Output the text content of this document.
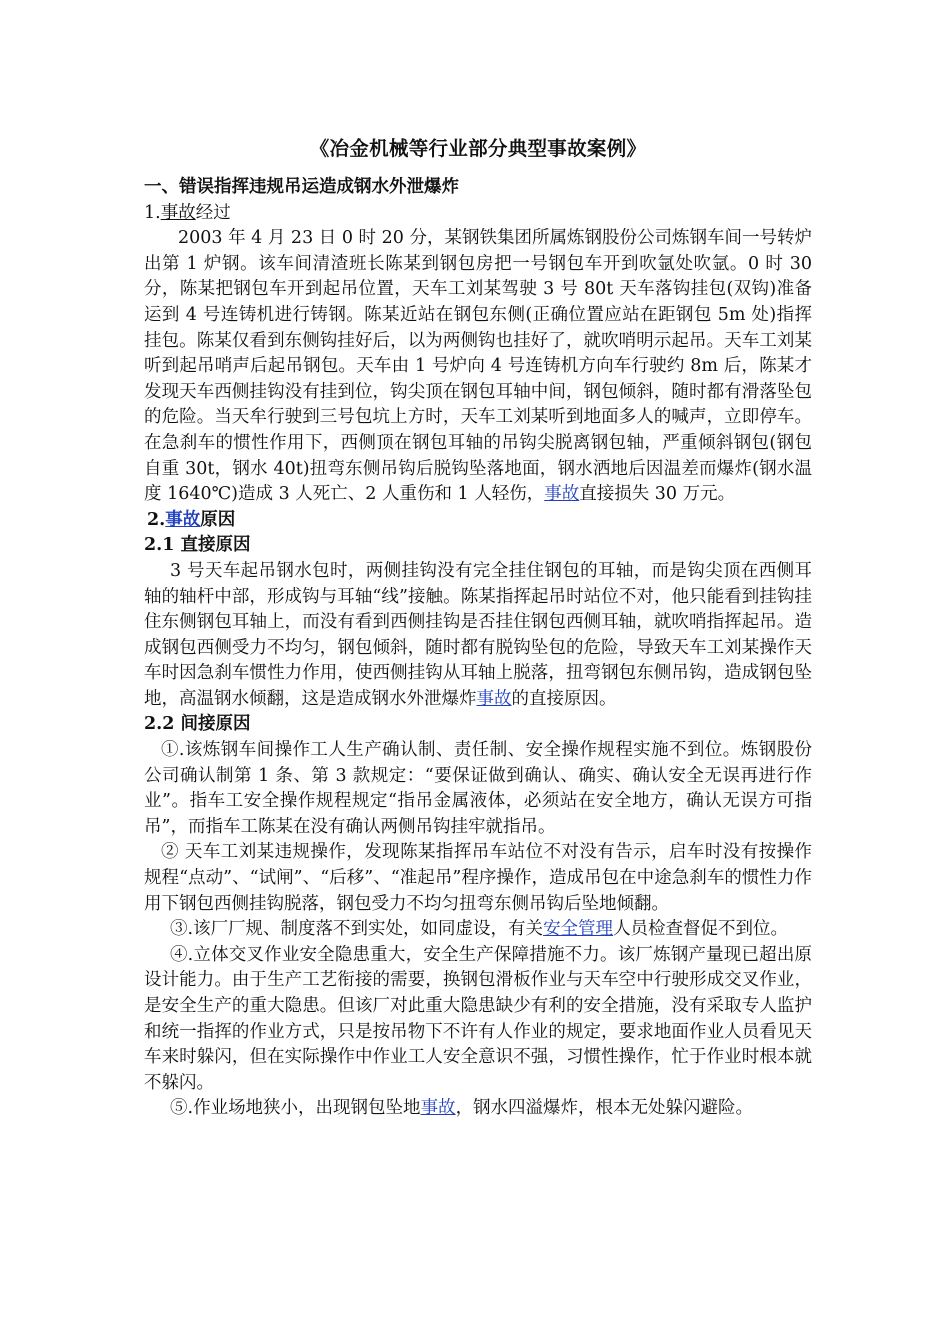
《冶金机械等行业部分典型事故案例》

一、错误指挥违规吊运造成钢水外泄爆炸

1.事故经过

2003 年 4 月 23 日 0 时 20 分，某钢铁集团所属炼钢股份公司炼钢车间一号转炉出第 1 炉钢。该车间清渣班长陈某到钢包房把一号钢包车开到吹氩处吹氩。0 时 30 分，陈某把钢包车开到起吊位置，天车工刘某驾驶 3 号 80t 天车落钩挂包(双钩)准备运到 4 号连铸机进行铸钢。陈某近站在钢包东侧(正确位置应站在距钢包 5m 处)指挥挂包。陈某仅看到东侧钩挂好后，以为两侧钩也挂好了，就吹哨明示起吊。天车工刘某听到起吊哨声后起吊钢包。天车由 1 号炉向 4 号连铸机方向车行驶约 8m 后，陈某才发现天车西侧挂钩没有挂到位，钩尖顶在钢包耳轴中间，钢包倾斜，随时都有滑落坠包的危险。当天牟行驶到三号包坑上方时，天车工刘某听到地面多人的喊声，立即停车。在急刹车的惯性作用下，西侧顶在钢包耳轴的吊钩尖脱离钢包轴，严重倾斜钢包(钢包自重 30t，钢水 40t)扭弯东侧吊钩后脱钩坠落地面，钢水洒地后因温差而爆炸(钢水温度 1640℃)造成 3 人死亡、2 人重伤和 1 人轻伤，事故直接损失 30 万元。

2.事故原因

2.1 直接原因

3 号天车起吊钢水包时，两侧挂钩没有完全挂住钢包的耳轴，而是钩尖顶在西侧耳轴的轴杆中部，形成钩与耳轴“线”接触。陈某指挥起吊时站位不对，他只能看到挂钩挂住东侧钢包耳轴上，而没有看到西侧挂钩是否挂住钢包西侧耳轴，就吹哨指挥起吊。造成钢包西侧受力不均匀，钢包倾斜，随时都有脱钩坠包的危险，导致天车工刘某操作天车时因急刹车惯性力作用，使西侧挂钩从耳轴上脱落，扭弯钢包东侧吊钩，造成钢包坠地，高温钢水倾翻，这是造成钢水外泄爆炸事故的直接原因。

2.2 间接原因

①.该炼钢车间操作工人生产确认制、责任制、安全操作规程实施不到位。炼钢股份公司确认制第 1 条、第 3 款规定：“要保证做到确认、确实、确认安全无误再进行作业”。指车工安全操作规程规定“指吊金属液体，必须站在安全地方，确认无误方可指吊”，而指车工陈某在没有确认两侧吊钩挂牢就指吊。

② 天车工刘某违规操作，发现陈某指挥吊车站位不对没有告示，启车时没有按操作规程“点动”、“试闸”、“后移”、“准起吊”程序操作，造成吊包在中途急刹车的惯性力作用下钢包西侧挂钩脱落，钢包受力不均匀扭弯东侧吊钩后坠地倾翻。

③.该厂厂规、制度落不到实处，如同虚设，有关安全管理人员检查督促不到位。

④.立体交叉作业安全隐患重大，安全生产保障措施不力。该厂炼钢产量现已超出原设计能力。由于生产工艺衔接的需要，换钢包滑板作业与天车空中行驶形成交叉作业，是安全生产的重大隐患。但该厂对此重大隐患缺少有利的安全措施，没有采取专人监护和统一指挥的作业方式，只是按吊物下不许有人作业的规定，要求地面作业人员看见天车来时躲闪，但在实际操作中作业工人安全意识不强，习惯性操作，忙于作业时根本就不躲闪。

⑤.作业场地狭小，出现钢包坠地事故，钢水四溢爆炸，根本无处躲闪避险。
